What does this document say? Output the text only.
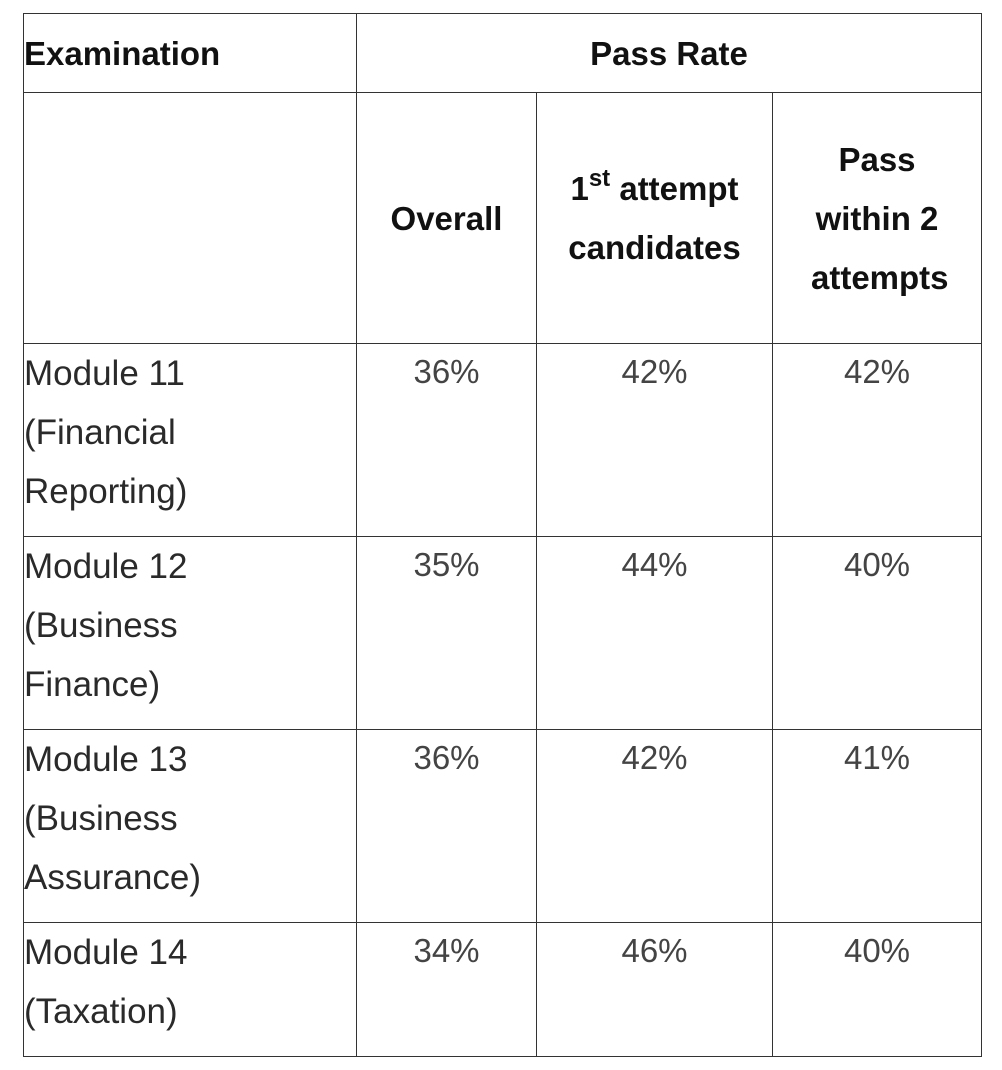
Examination	Pass Rate		
	Overall	1st attempt candidates	Pass within 2 attempts
Module 11 (Financial Reporting)	36%	42%	42%
Module 12 (Business Finance)	35%	44%	40%
Module 13 (Business Assurance)	36%	42%	41%
Module 14 (Taxation)	34%	46%	40%
